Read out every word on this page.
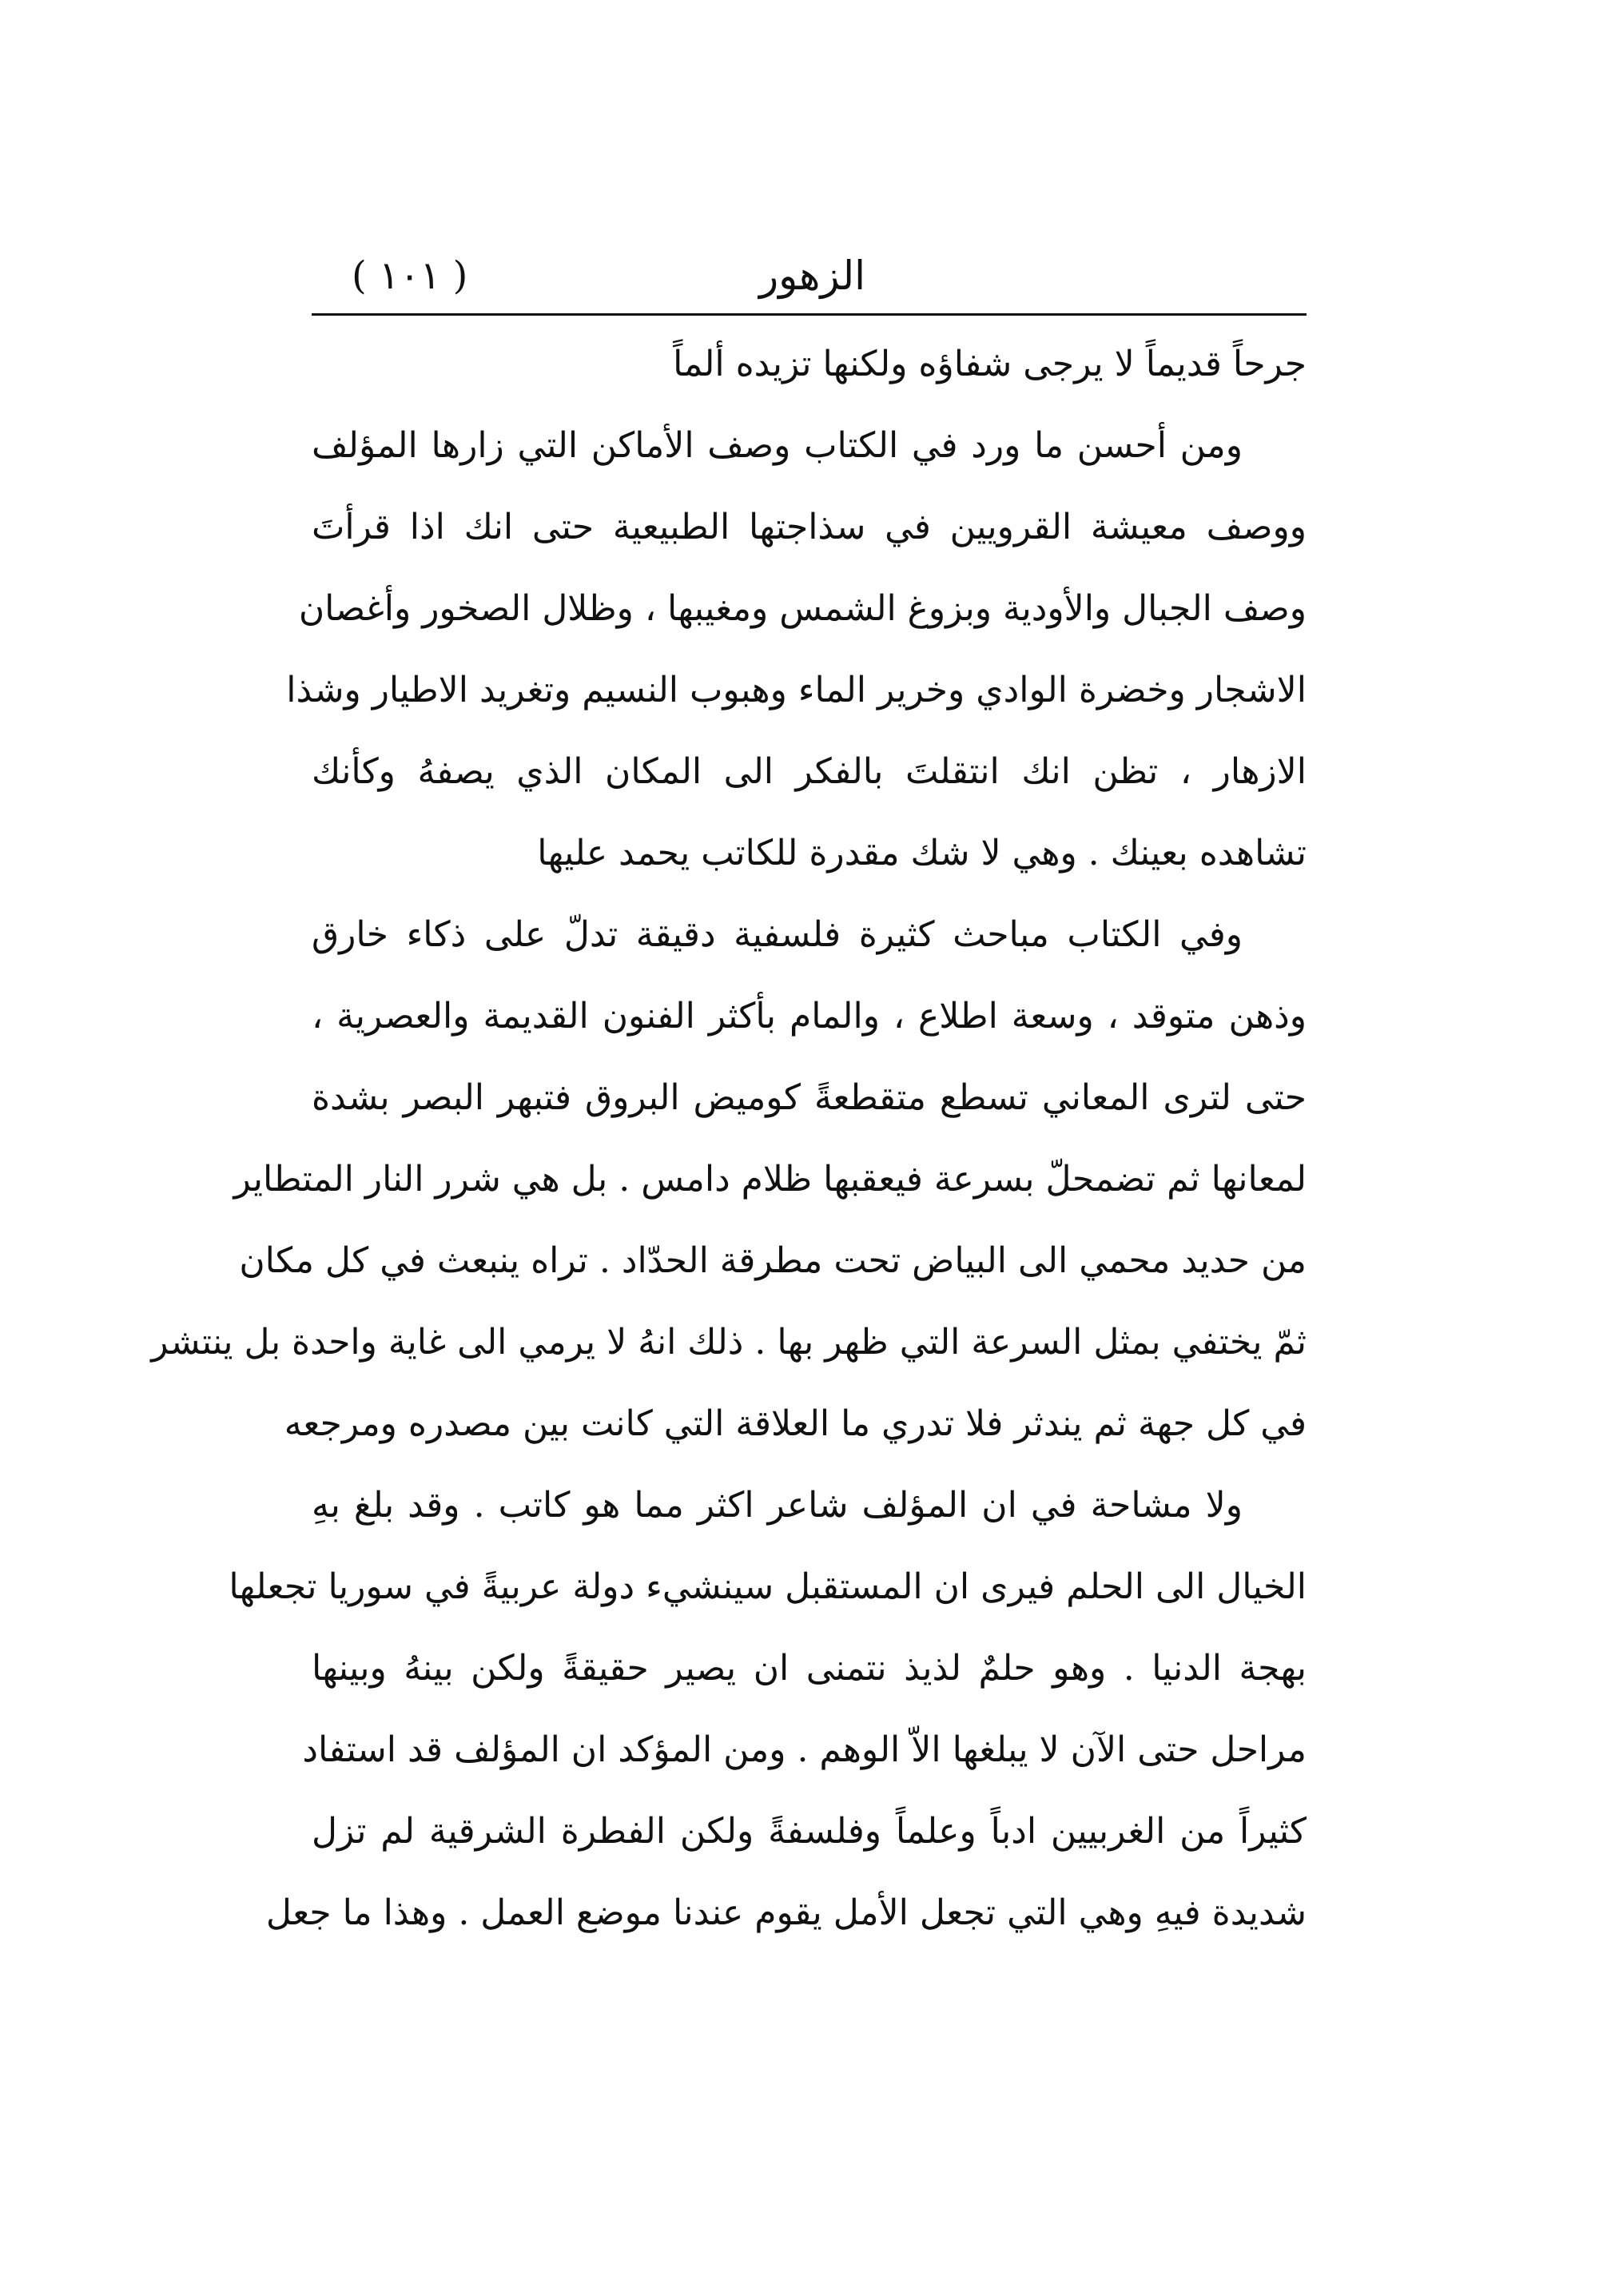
( ١٠١ )	الزهور
جرحاً قديماً لا يرجى شفاؤه ولكنها تزيده ألماً
ومن أحسن ما ورد في الكتاب وصف الأماكن التي زارها المؤلف
ووصف معيشة القرويين في سذاجتها الطبيعية حتى انك اذا قرأتَ
وصف الجبال والأودية وبزوغ الشمس ومغيبها ، وظلال الصخور وأغصان
الاشجار وخضرة الوادي وخرير الماء وهبوب النسيم وتغريد الاطيار وشذا
الازهار ، تظن انك انتقلتَ بالفكر الى المكان الذي يصفهُ وكأنك
تشاهده بعينك . وهي لا شك مقدرة للكاتب يحمد عليها
وفي الكتاب مباحث كثيرة فلسفية دقيقة تدلّ على ذكاء خارق
وذهن متوقد ، وسعة اطلاع ، والمام بأكثر الفنون القديمة والعصرية ،
حتى لترى المعاني تسطع متقطعةً كوميض البروق فتبهر البصر بشدة
لمعانها ثم تضمحلّ بسرعة فيعقبها ظلام دامس . بل هي شرر النار المتطاير
من حديد محمي الى البياض تحت مطرقة الحدّاد . تراه ينبعث في كل مكان
ثمّ يختفي بمثل السرعة التي ظهر بها . ذلك انهُ لا يرمي الى غاية واحدة بل ينتشر
في كل جهة ثم يندثر فلا تدري ما العلاقة التي كانت بين مصدره ومرجعه
ولا مشاحة في ان المؤلف شاعر اكثر مما هو كاتب . وقد بلغ بهِ
الخيال الى الحلم فيرى ان المستقبل سينشيء دولة عربيةً في سوريا تجعلها
بهجة الدنيا . وهو حلمٌ لذيذ نتمنى ان يصير حقيقةً ولكن بينهُ وبينها
مراحل حتى الآن لا يبلغها الاّ الوهم . ومن المؤكد ان المؤلف قد استفاد
كثيراً من الغربيين ادباً وعلماً وفلسفةً ولكن الفطرة الشرقية لم تزل
شديدة فيهِ وهي التي تجعل الأمل يقوم عندنا موضع العمل . وهذا ما جعل
